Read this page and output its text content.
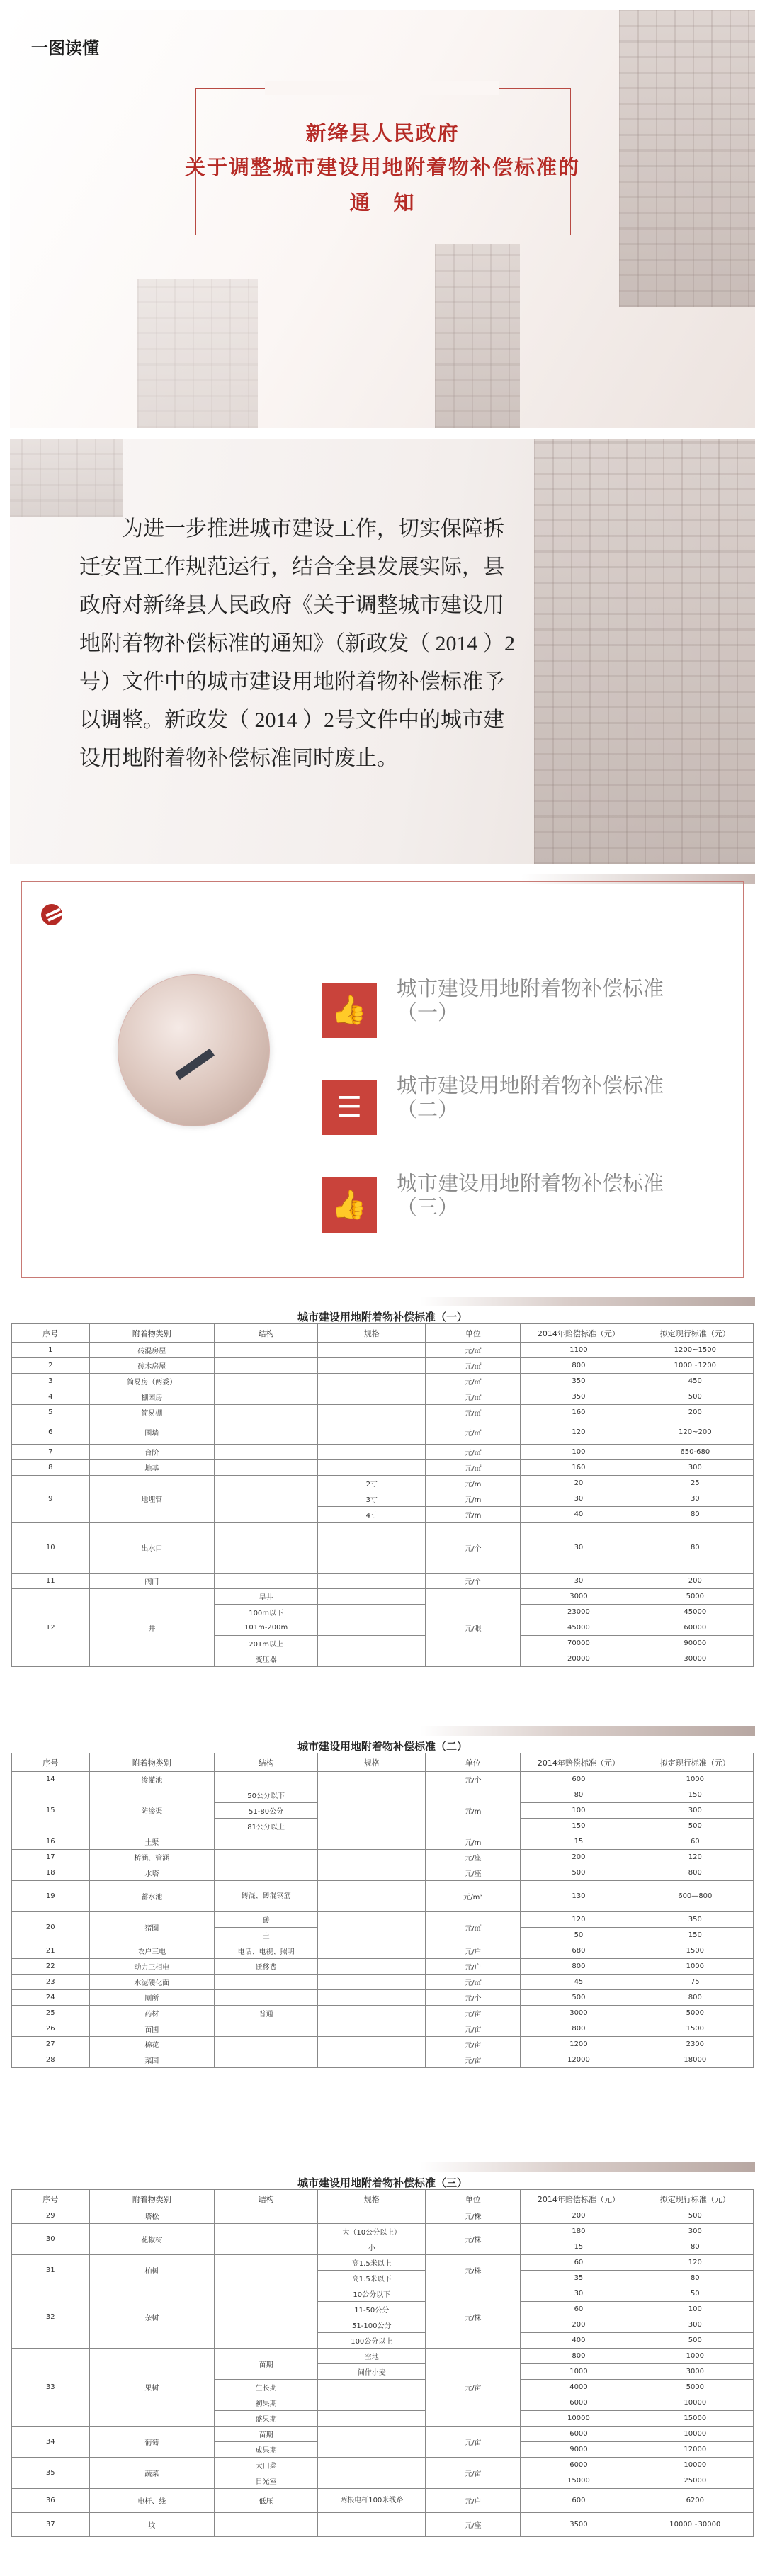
一图读懂
新绛县人民政府
关于调整城市建设用地附着物补偿标准的
通　知
为进一步推进城市建设工作，切实保障拆迁安置工作规范运行，结合全县发展实际，县政府对新绛县人民政府《关于调整城市建设用地附着物补偿标准的通知》（新政发（ 2014 ）2号）文件中的城市建设用地附着物补偿标准予以调整。新政发（ 2014 ）2号文件中的城市建设用地附着物补偿标准同时废止。
👍
城市建设用地附着物补偿标准
（一）
☰
城市建设用地附着物补偿标准
（二）
👍
城市建设用地附着物补偿标准
（三）
城市建设用地附着物补偿标准（一）
序号	附着物类别	结构	规格	单位	2014年赔偿标准（元）	拟定现行标准（元）
1	砖混房屋			元/㎡	1100	1200~1500
2	砖木房屋			元/㎡	800	1000~1200
3	简易房（两委）			元/㎡	350	450
4	棚园房			元/㎡	350	500
5	简易棚			元/㎡	160	200
6	围墙			元/㎡	120	120~200
7	台阶			元/㎡	100	650-680
8	地基			元/㎡	160	300
9	地埋管		2寸	元/m	20	25
			3寸	元/m	30	30
			4寸	元/m	40	80
10	出水口			元/个	30	80
11	阀门			元/个	30	200
12	井	旱井		元/眼	3000	5000
		100m以下			23000	45000
		101m-200m			45000	60000
		201m以上			70000	90000
		变压器			20000	30000
城市建设用地附着物补偿标准（二）
序号	附着物类别	结构	规格	单位	2014年赔偿标准（元）	拟定现行标准（元）
14	渗灌池			元/个	600	1000
15	防渗渠	50公分以下		元/m	80	150
		51-80公分			100	300
		81公分以上			150	500
16	土渠			元/m	15	60
17	桥涵、管涵			元/座	200	120
18	水塔			元/座	500	800
19	蓄水池	砖混、砖混钢筋		元/m³	130	600—800
20	猪圈	砖		元/㎡	120	350
		土			50	150
21	农户三电	电话、电视、照明		元/户	680	1500
22	动力三相电	迁移费		元/户	800	1000
23	水泥硬化面			元/㎡	45	75
24	厕所			元/个	500	800
25	药材	普通		元/亩	3000	5000
26	苗圃			元/亩	800	1500
27	棉花			元/亩	1200	2300
28	菜园			元/亩	12000	18000
城市建设用地附着物补偿标准（三）
序号	附着物类别	结构	规格	单位	2014年赔偿标准（元）	拟定现行标准（元）
29	塔松			元/株	200	500
30	花椒树		大（10公分以上）	元/株	180	300
			小		15	80
31	柏树		高1.5米以上	元/株	60	120
			高1.5米以下		35	80
32	杂树		10公分以下	元/株	30	50
			11-50公分		60	100
			51-100公分		200	300
			100公分以上		400	500
33	果树	苗期	空地	元/亩	800	1000
			间作小麦		1000	3000
		生长期			4000	5000
		初果期			6000	10000
		盛果期			10000	15000
34	葡萄	苗期		元/亩	6000	10000
		成果期			9000	12000
35	蔬菜	大田菜		元/亩	6000	10000
		日光室			15000	25000
36	电杆、线	低压	两根电杆100米线路	元/户	600	6200
37	坟			元/座	3500	10000~30000
